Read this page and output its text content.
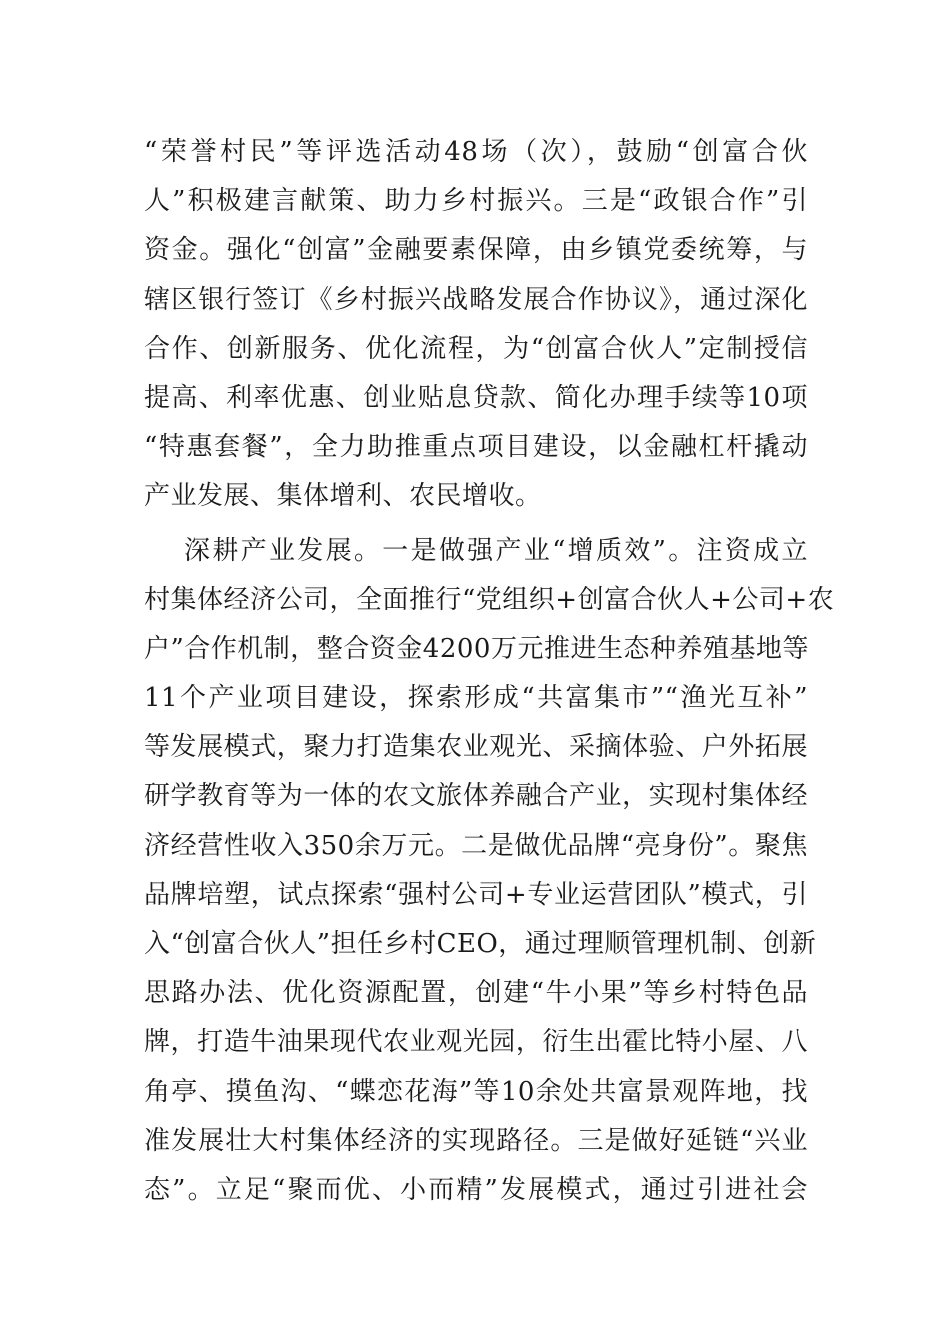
“荣誉村民”等评选活动48场（次），鼓励“创富合伙
人”积极建言献策、助力乡村振兴。三是“政银合作”引
资金。强化“创富”金融要素保障，由乡镇党委统筹，与
辖区银行签订《乡村振兴战略发展合作协议》，通过深化
合作、创新服务、优化流程，为“创富合伙人”定制授信
提高、利率优惠、创业贴息贷款、简化办理手续等10项
“特惠套餐”，全力助推重点项目建设，以金融杠杆撬动
产业发展、集体增利、农民增收。
深耕产业发展。一是做强产业“增质效”。注资成立
村集体经济公司，全面推行“党组织+创富合伙人+公司+农
户”合作机制，整合资金4200万元推进生态种养殖基地等
11个产业项目建设，探索形成“共富集市”“渔光互补”
等发展模式，聚力打造集农业观光、采摘体验、户外拓展
研学教育等为一体的农文旅体养融合产业，实现村集体经
济经营性收入350余万元。二是做优品牌“亮身份”。聚焦
品牌培塑，试点探索“强村公司+专业运营团队”模式，引
入“创富合伙人”担任乡村CEO，通过理顺管理机制、创新
思路办法、优化资源配置，创建“牛小果”等乡村特色品
牌，打造牛油果现代农业观光园，衍生出霍比特小屋、八
角亭、摸鱼沟、“蝶恋花海”等10余处共富景观阵地，找
准发展壮大村集体经济的实现路径。三是做好延链“兴业
态”。立足“聚而优、小而精”发展模式，通过引进社会
